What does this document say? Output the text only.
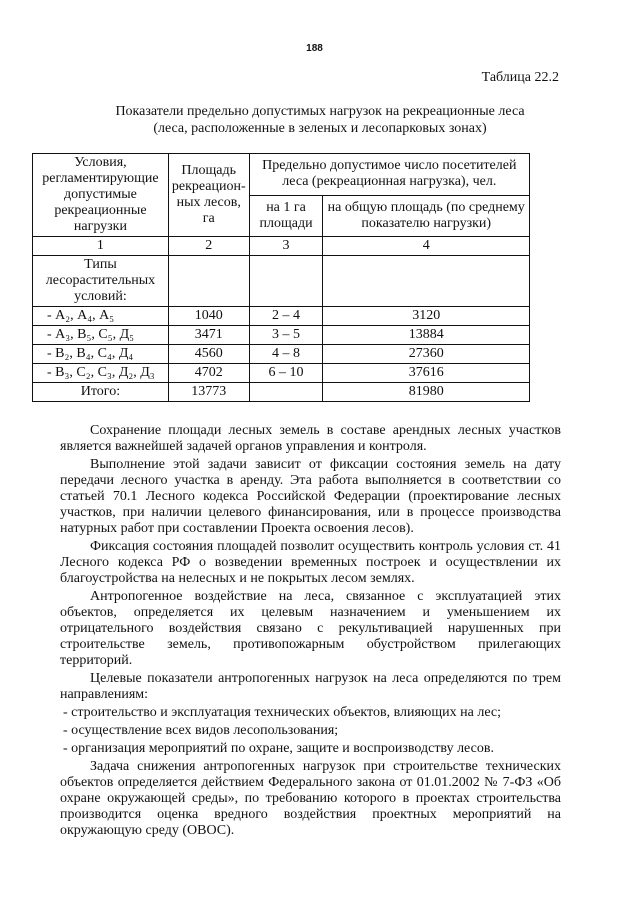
188
Таблица 22.2
Показатели предельно допустимых нагрузок на рекреационные леса
(леса, расположенные в зеленых и лесопарковых зонах)
Условия, регламентирующие допустимые рекреационные нагрузки	Площадь рекреацион-ных лесов, га	Предельно допустимое число посетителей леса (рекреационная нагрузка), чел.	
		на 1 га площади	на общую площадь (по среднему показателю нагрузки)
1	2	3	4
Типы лесорастительных условий:			
- А₂, А₄, А₅	1040	2 – 4	3120
- А₃, В₅, С₅, Д₅	3471	3 – 5	13884
- В₂, В₄, С₄, Д₄	4560	4 – 8	27360
- В₃, С₂, С₃, Д₂, Д₃	4702	6 – 10	37616
Итого:	13773		81980

Сохранение площади лесных земель в составе арендных лесных участков является важнейшей задачей органов управления и контроля.

Выполнение этой задачи зависит от фиксации состояния земель на дату передачи лесного участка в аренду. Эта работа выполняется в соответствии со статьей 70.1 Лесного кодекса Российской Федерации (проектирование лесных участков, при наличии целевого финансирования, или в процессе производства натурных работ при составлении Проекта освоения лесов).

Фиксация состояния площадей позволит осуществить контроль условия ст. 41 Лесного кодекса РФ о возведении временных построек и осуществлении их благоустройства на нелесных и не покрытых лесом землях.

Антропогенное воздействие на леса, связанное с эксплуатацией этих объектов, определяется их целевым назначением и уменьшением их отрицательного воздействия связано с рекультивацией нарушенных при строительстве земель, противопожарным обустройством прилегающих территорий.

Целевые показатели антропогенных нагрузок на леса определяются по трем направлениям:

- строительство и эксплуатация технических объектов, влияющих на лес;

- осуществление всех видов лесопользования;

- организация мероприятий по охране, защите и воспроизводству лесов.

Задача снижения антропогенных нагрузок при строительстве технических объектов определяется действием Федерального закона от 01.01.2002 № 7-ФЗ «Об охране окружающей среды», по требованию которого в проектах строительства производится оценка вредного воздействия проектных мероприятий на окружающую среду (ОВОС).
